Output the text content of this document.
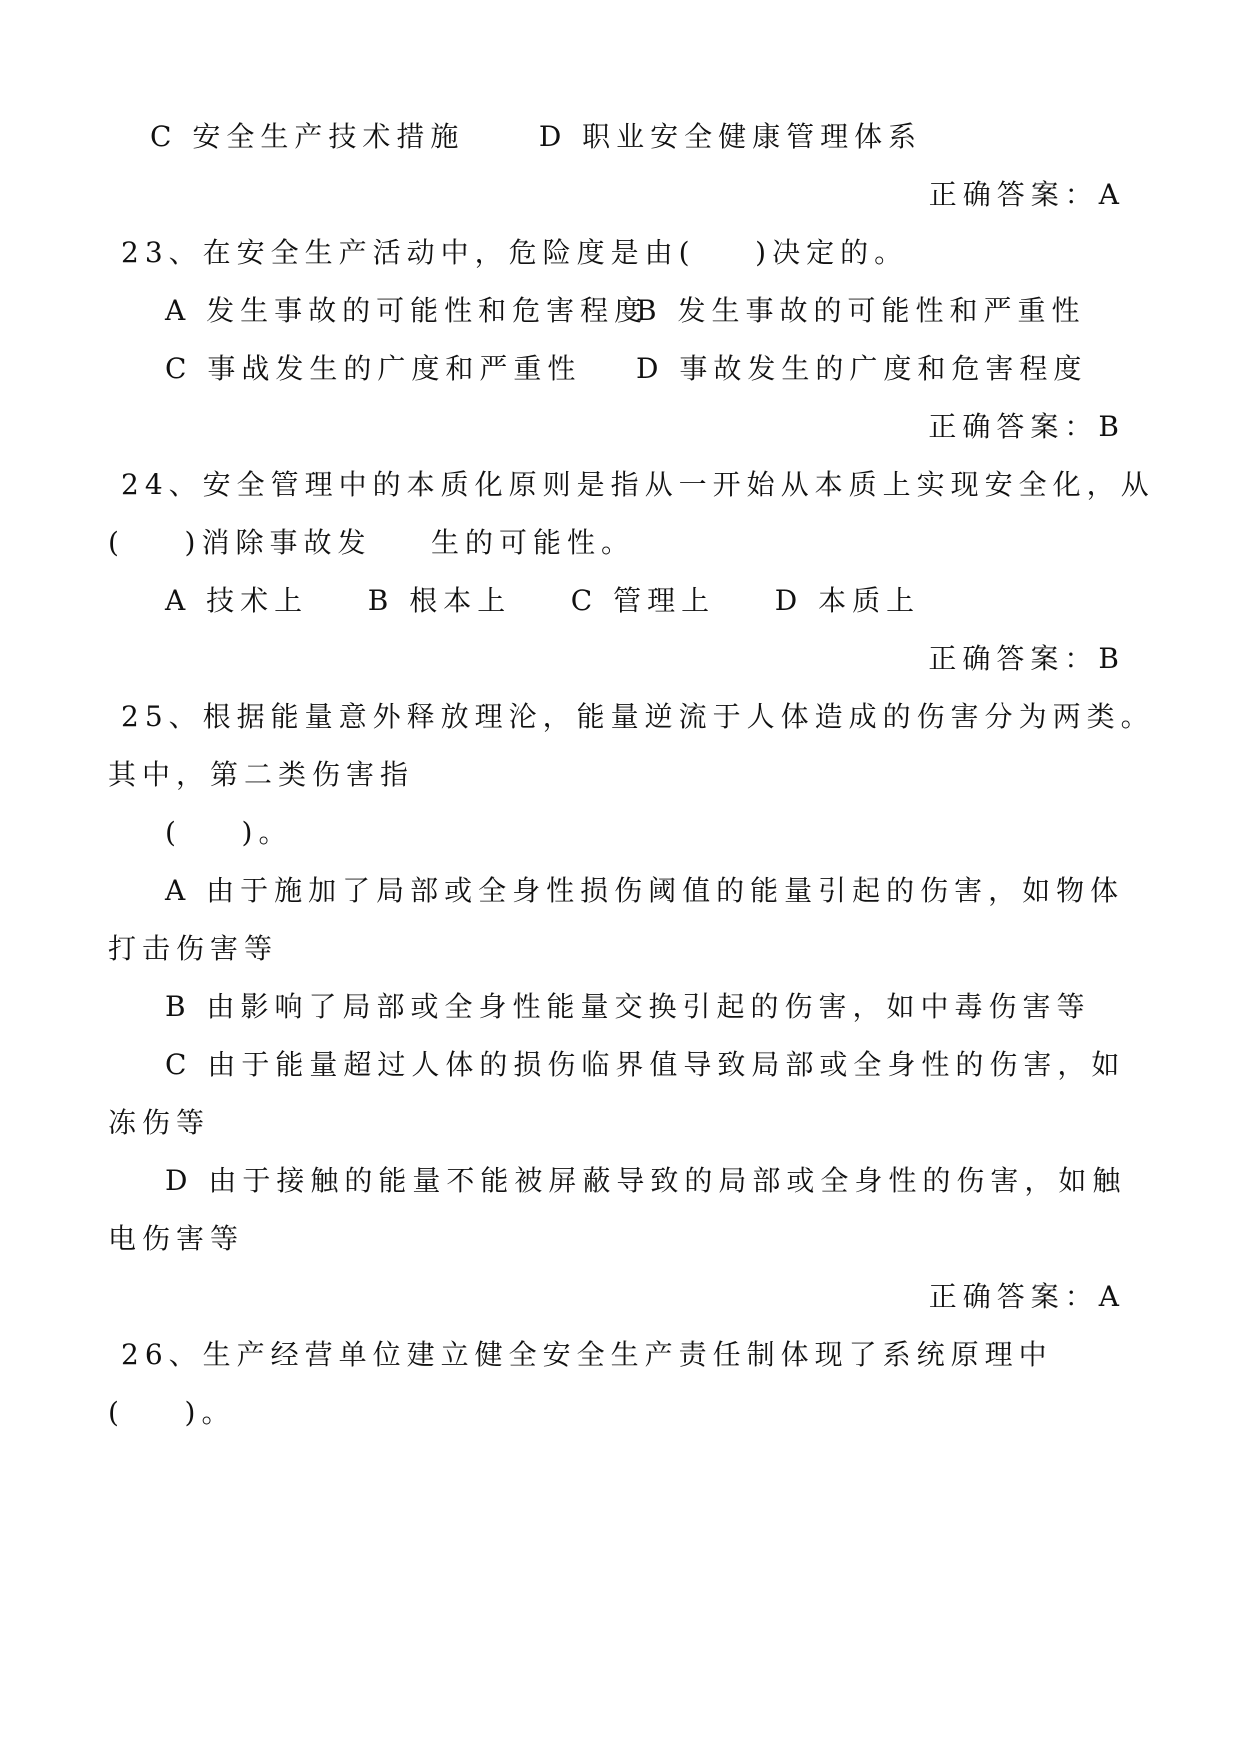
C 安全生产技术措施     D 职业安全健康管理体系
正确答案：A
23、在安全生产活动中，危险度是由(    )决定的。
A 发生事故的可能性和危害程度
B 发生事故的可能性和严重性
C 事战发生的广度和严重性 D 事故发生的广度和危害程度
正确答案：B
24、安全管理中的本质化原则是指从一开始从本质上实现安全化，从
(    )消除事故发    生的可能性。
A 技术上    B 根本上    C 管理上    D 本质上
正确答案：B
25、根据能量意外释放理沦，能量逆流于人体造成的伤害分为两类。
其中，第二类伤害指
(    )。
A 由于施加了局部或全身性损伤阈值的能量引起的伤害，如物体
打击伤害等
B 由影响了局部或全身性能量交换引起的伤害，如中毒伤害等
C 由于能量超过人体的损伤临界值导致局部或全身性的伤害，如
冻伤等
D 由于接触的能量不能被屏蔽导致的局部或全身性的伤害，如触
电伤害等
正确答案：A
26、生产经营单位建立健全安全生产责任制体现了系统原理中
(    )。
